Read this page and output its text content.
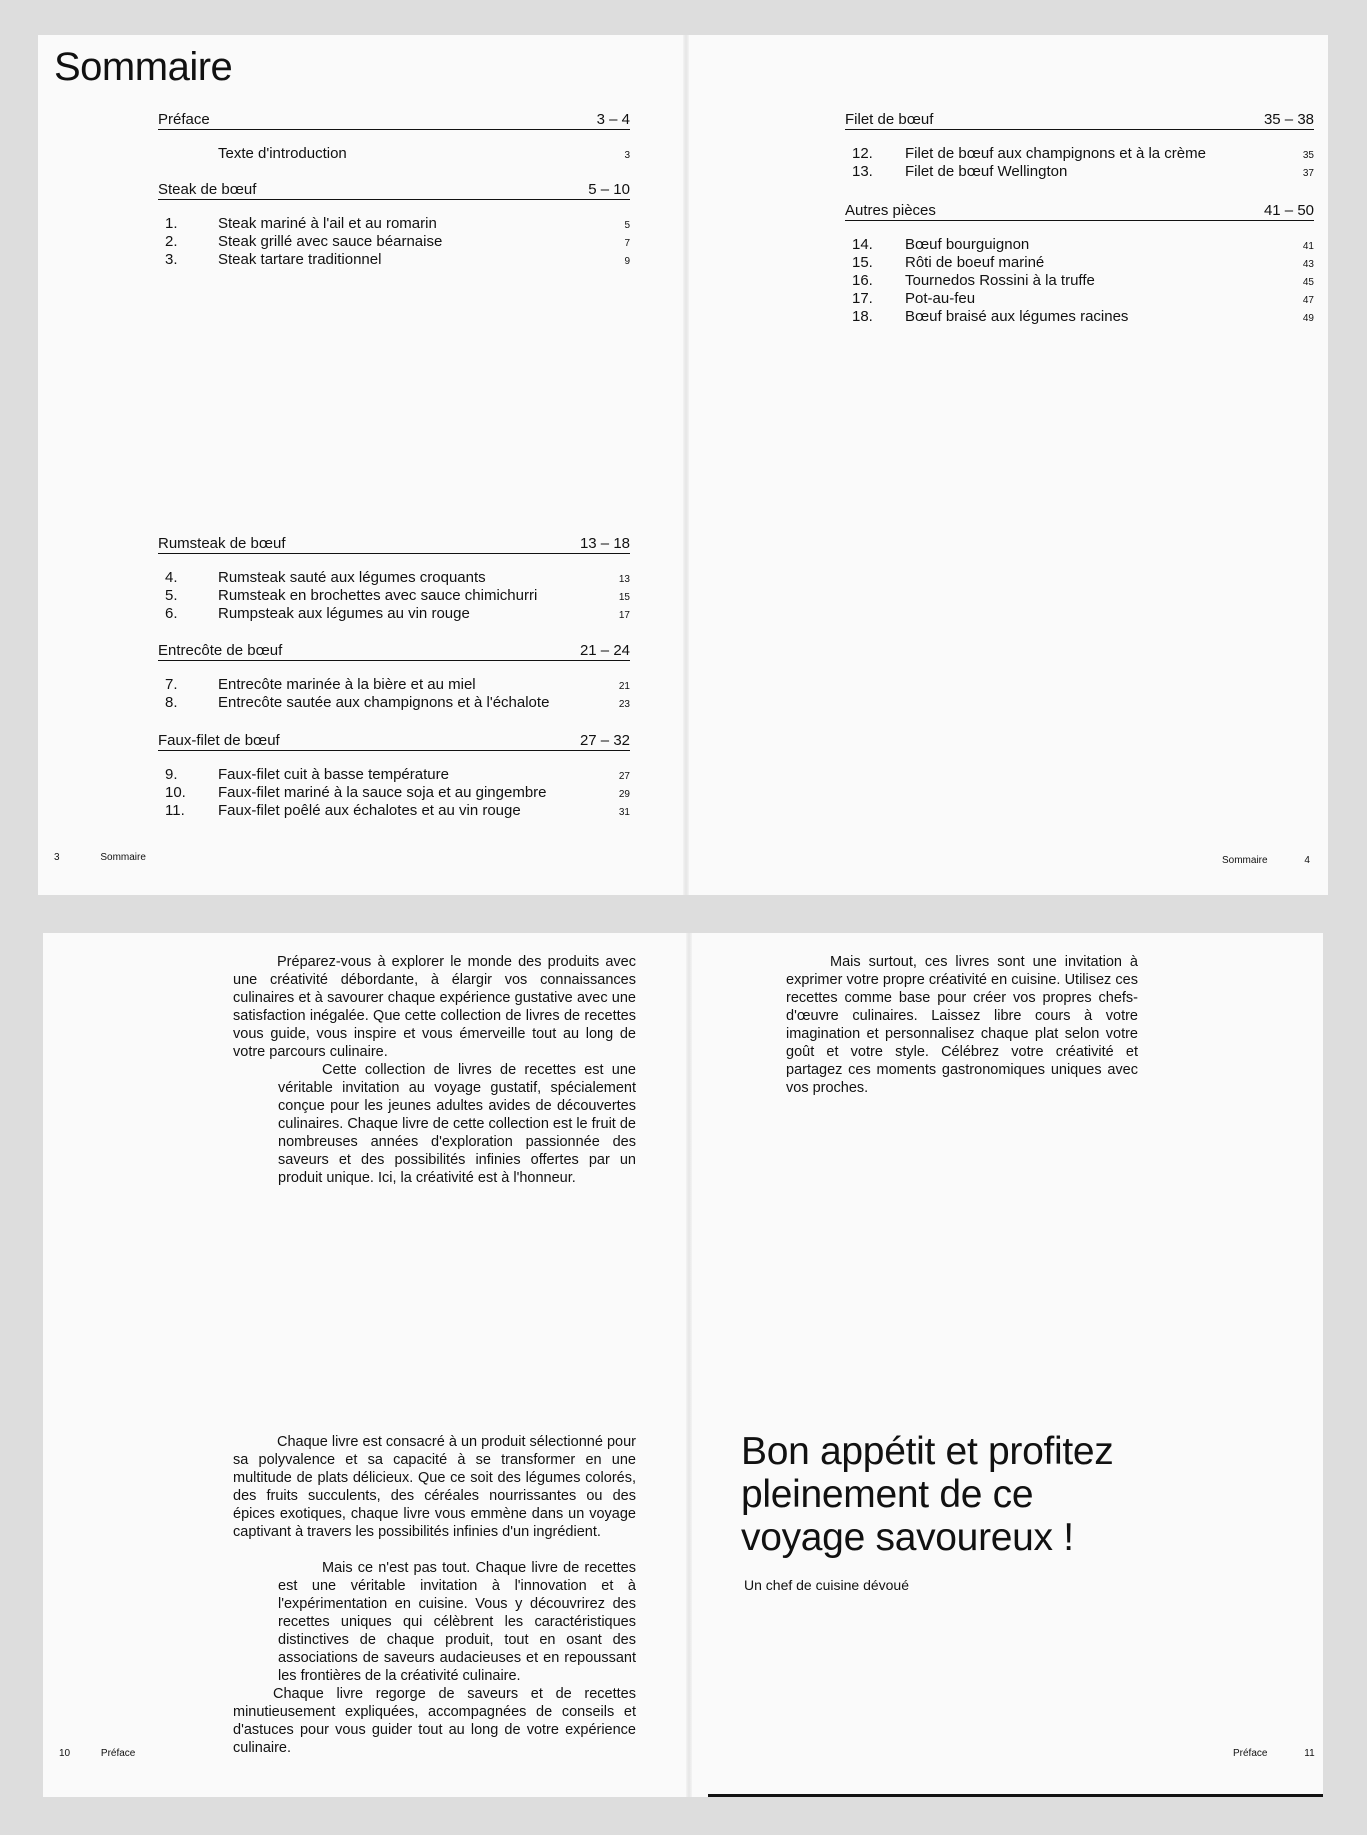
Sommaire
Préface	3 – 4
Texte d'introduction	3
Steak de bœuf	5 – 10
1.	Steak mariné à l'ail et au romarin	5
2.	Steak grillé avec sauce béarnaise	7
3.	Steak tartare traditionnel	9
Rumsteak de bœuf	13 – 18
4.	Rumsteak sauté aux légumes croquants	13
5.	Rumsteak en brochettes avec sauce chimichurri	15
6.	Rumpsteak aux légumes au vin rouge	17
Entrecôte de bœuf	21 – 24
7.	Entrecôte marinée à la bière et au miel	21
8.	Entrecôte sautée aux champignons et à l'échalote	23
Faux-filet de bœuf	27 – 32
9.	Faux-filet cuit à basse température	27
10.	Faux-filet mariné à la sauce soja et au gingembre	29
11.	Faux-filet poêlé aux échalotes et au vin rouge	31
Filet de bœuf	35 – 38
12.	Filet de bœuf aux champignons et à la crème	35
13.	Filet de bœuf Wellington	37
Autres pièces	41 – 50
14.	Bœuf bourguignon	41
15.	Rôti de boeuf mariné	43
16.	Tournedos Rossini à la truffe	45
17.	Pot-au-feu	47
18.	Bœuf braisé aux légumes racines	49
3	Sommaire	Sommaire	4
Préparez-vous à explorer le monde des produits avec une créativité débordante, à élargir vos connaissances culinaires et à savourer chaque expérience gustative avec une satisfaction inégalée. Que cette collection de livres de recettes vous guide, vous inspire et vous émerveille tout au long de votre parcours culinaire.
Cette collection de livres de recettes est une véritable invitation au voyage gustatif, spécialement conçue pour les jeunes adultes avides de découvertes culinaires. Chaque livre de cette collection est le fruit de nombreuses années d'exploration passionnée des saveurs et des possibilités infinies offertes par un produit unique. Ici, la créativité est à l'honneur.
Chaque livre est consacré à un produit sélectionné pour sa polyvalence et sa capacité à se transformer en une multitude de plats délicieux. Que ce soit des légumes colorés, des fruits succulents, des céréales nourrissantes ou des épices exotiques, chaque livre vous emmène dans un voyage captivant à travers les possibilités infinies d'un ingrédient.
Mais ce n'est pas tout. Chaque livre de recettes est une véritable invitation à l'innovation et à l'expérimentation en cuisine. Vous y découvrirez des recettes uniques qui célèbrent les caractéristiques distinctives de chaque produit, tout en osant des associations de saveurs audacieuses et en repoussant les frontières de la créativité culinaire.
Chaque livre regorge de saveurs et de recettes minutieusement expliquées, accompagnées de conseils et d'astuces pour vous guider tout au long de votre expérience culinaire.
Mais surtout, ces livres sont une invitation à exprimer votre propre créativité en cuisine. Utilisez ces recettes comme base pour créer vos propres chefs-d'œuvre culinaires. Laissez libre cours à votre imagination et personnalisez chaque plat selon votre goût et votre style. Célébrez votre créativité et partagez ces moments gastronomiques uniques avec vos proches.
Bon appétit et profitez
pleinement de ce
voyage savoureux !
Un chef de cuisine dévoué
10	Préface	Préface	11
